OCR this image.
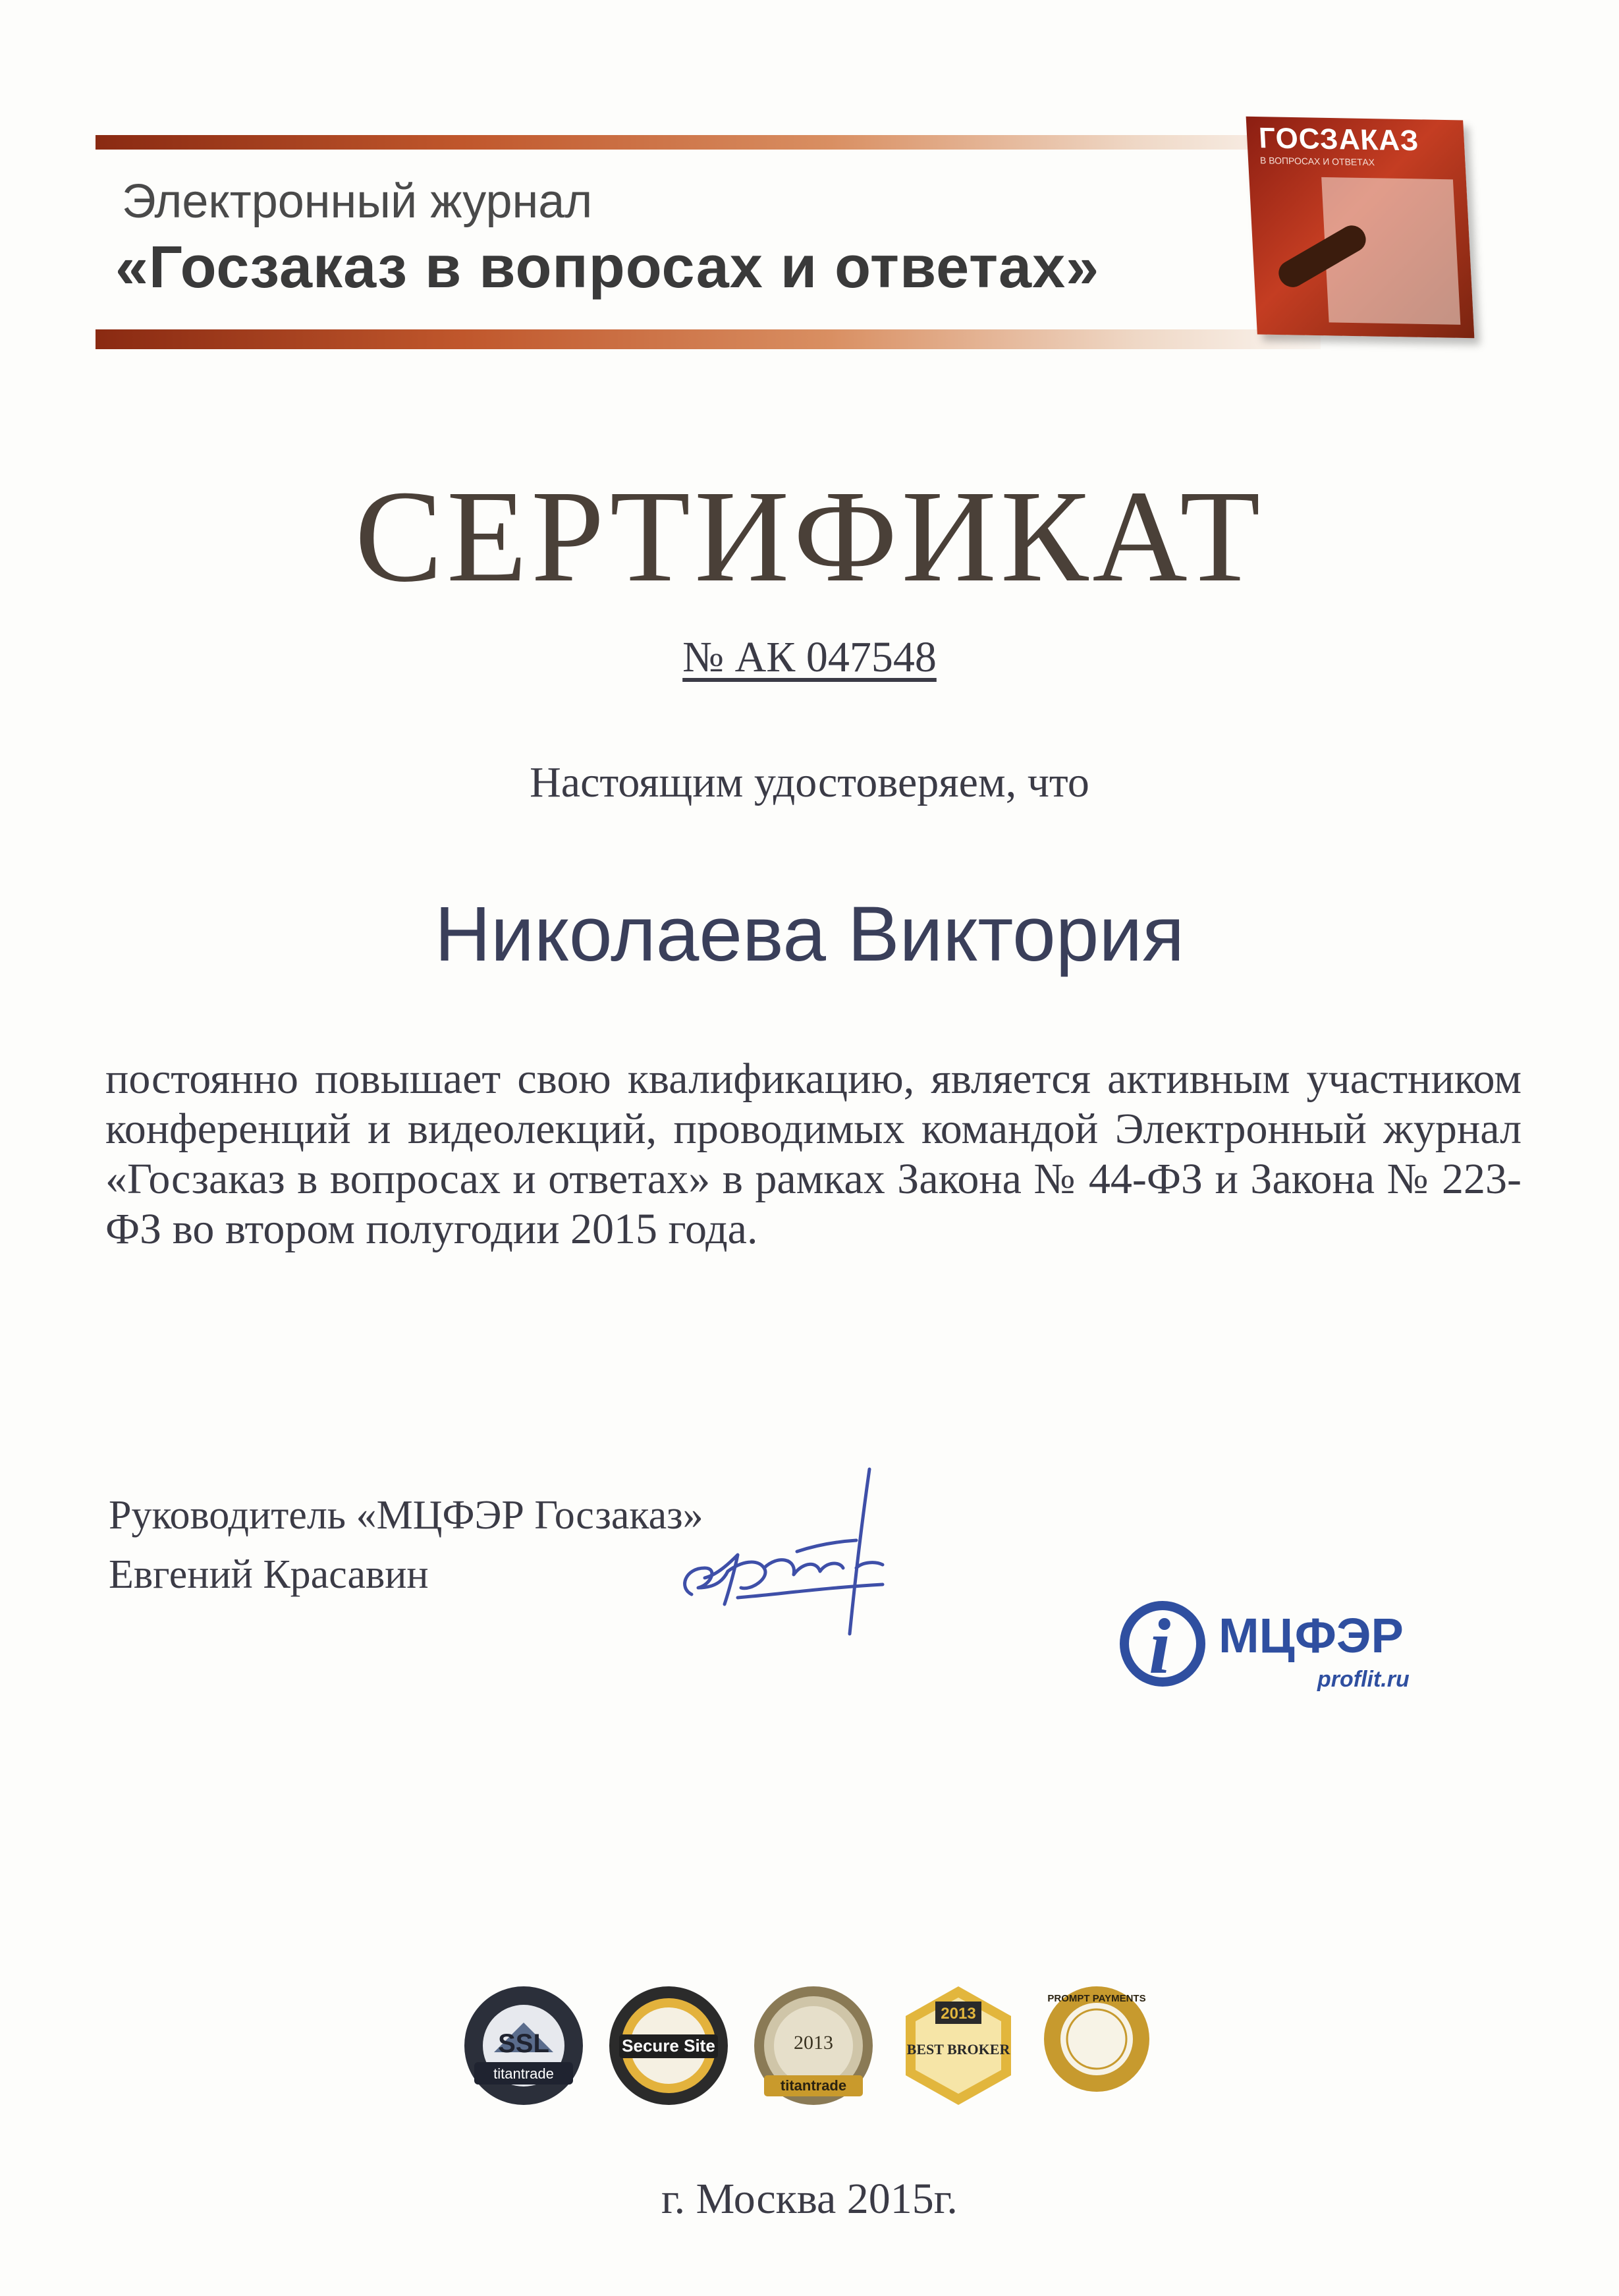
Электронный журнал
«Госзаказ в вопросах и ответах»
ГОСЗАКАЗ
В ВОПРОСАХ И ОТВЕТАХ
СЕРТИФИКАТ
№ АК 047548
Настоящим удостоверяем, что
Николаева Виктория
постоянно повышает свою квалификацию, является активным участником конференций и видеолекций, проводимых командой Электронный журнал «Госзаказ в вопросах и ответах» в рамках Закона № 44-ФЗ и Закона № 223-ФЗ во втором полугодии 2015 года.
Руководитель «МЦФЭР Госзаказ»
Евгений Красавин
i МЦФЭР
proflit.ru
SSL
titantrade
Secure Site	2013
titantrade
2013
BEST BROKER
PROMPT PAYMENTS
г. Москва 2015г.
